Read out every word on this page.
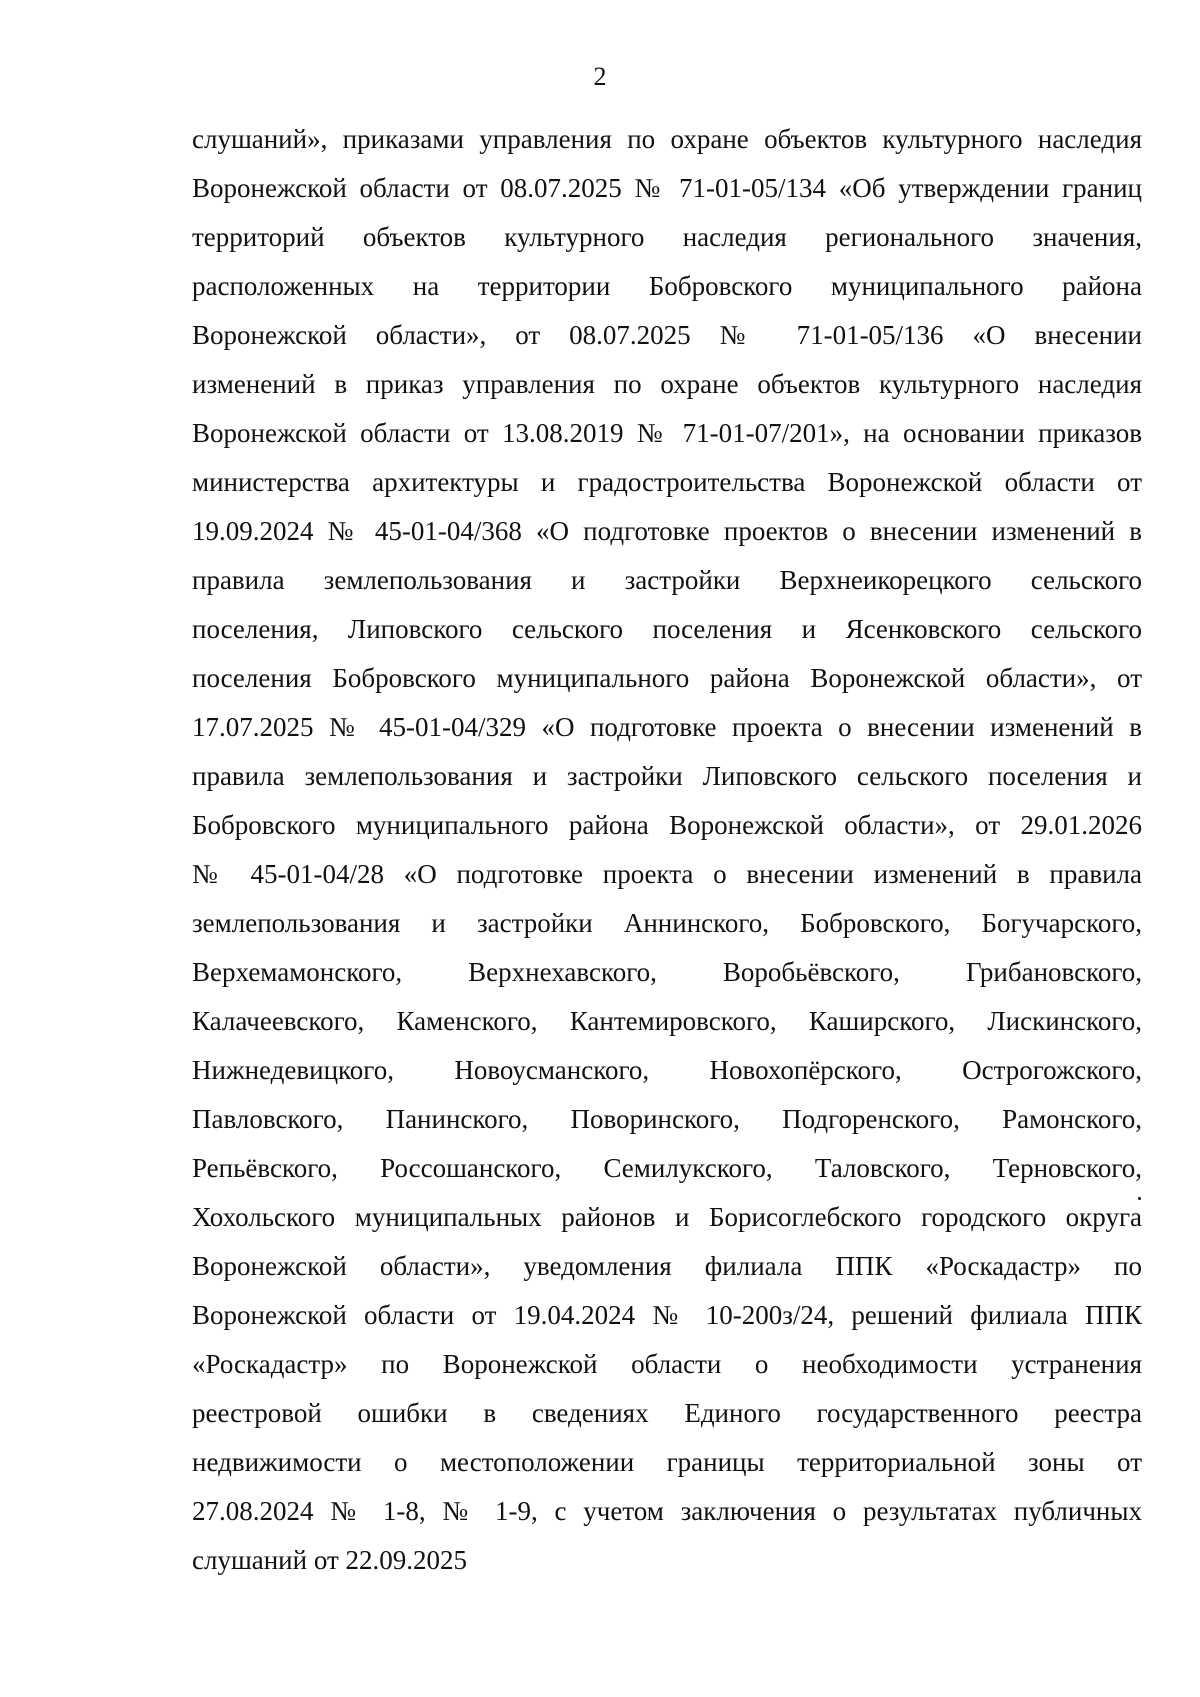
2
слушаний», приказами управления по охране объектов культурного наследия
Воронежской области от 08.07.2025 № 71-01-05/134 «Об утверждении границ
территорий объектов культурного наследия регионального значения,
расположенных на территории Бобровского муниципального района
Воронежской области», от 08.07.2025 № 71-01-05/136 «О внесении
изменений в приказ управления по охране объектов культурного наследия
Воронежской области от 13.08.2019 № 71-01-07/201», на основании приказов
министерства архитектуры и градостроительства Воронежской области от
19.09.2024 № 45-01-04/368 «О подготовке проектов о внесении изменений в
правила землепользования и застройки Верхнеикорецкого сельского
поселения, Липовского сельского поселения и Ясенковского сельского
поселения Бобровского муниципального района Воронежской области», от
17.07.2025 № 45-01-04/329 «О подготовке проекта о внесении изменений в
правила землепользования и застройки Липовского сельского поселения и
Бобровского муниципального района Воронежской области», от 29.01.2026
№ 45-01-04/28 «О подготовке проекта о внесении изменений в правила
землепользования и застройки Аннинского, Бобровского, Богучарского,
Верхемамонского, Верхнехавского, Воробьёвского, Грибановского,
Калачеевского, Каменского, Кантемировского, Каширского, Лискинского,
Нижнедевицкого, Новоусманского, Новохопёрского, Острогожского,
Павловского, Панинского, Поворинского, Подгоренского, Рамонского,
Репьёвского, Россошанского, Семилукского, Таловского, Терновского,
Хохольского муниципальных районов и Борисоглебского городского округа
Воронежской области», уведомления филиала ППК «Роскадастр» по
Воронежской области от 19.04.2024 № 10-200з/24, решений филиала ППК
«Роскадастр» по Воронежской области о необходимости устранения
реестровой ошибки в сведениях Единого государственного реестра
недвижимости о местоположении границы территориальной зоны от
27.08.2024 № 1-8, № 1-9, с учетом заключения о результатах публичных
слушаний от 22.09.2025
